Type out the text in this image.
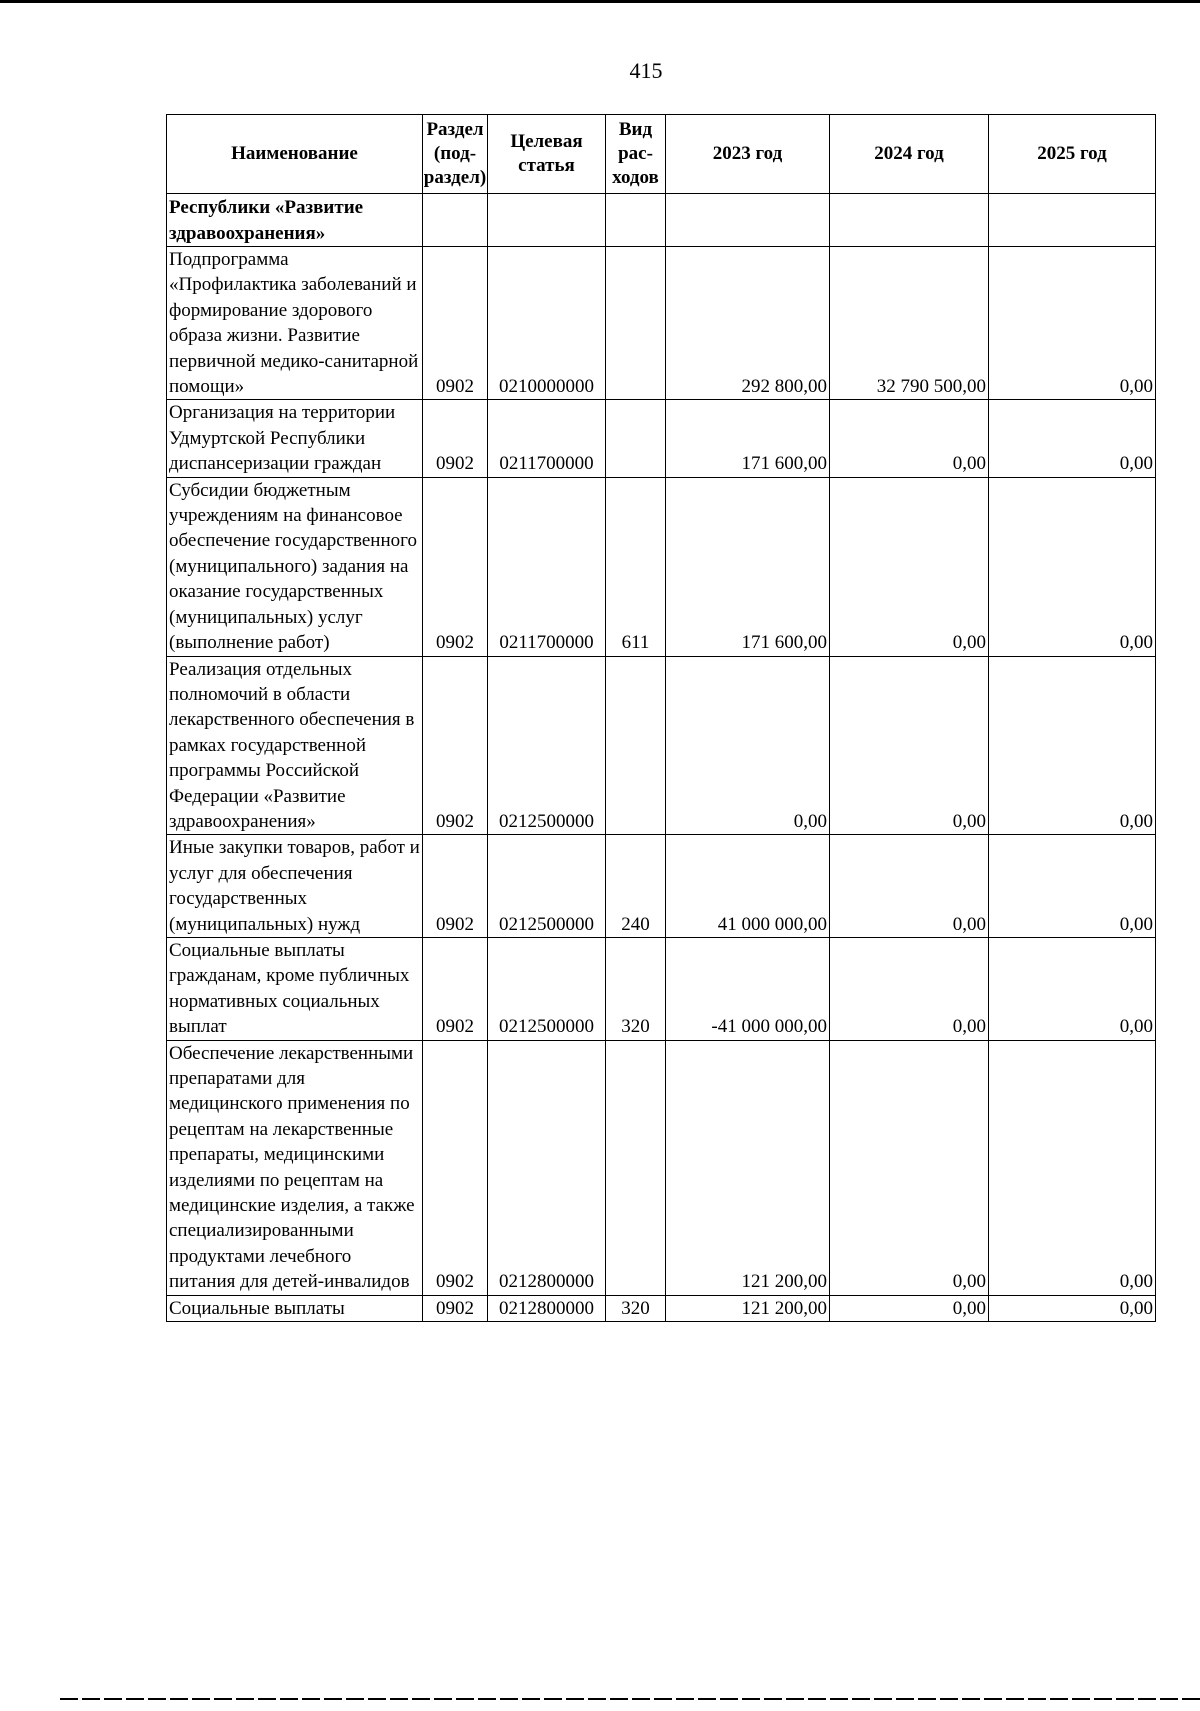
415
Наименование	Раздел (под-раздел)	Целевая статья	Вид рас-ходов	2023 год	2024 год	2025 год
Республики «Развитие здравоохранения»						
Подпрограмма «Профилактика заболеваний и формирование здорового образа жизни. Развитие первичной медико-санитарной помощи»	0902	0210000000		292 800,00	32 790 500,00	0,00
Организация на территории Удмуртской Республики диспансеризации граждан	0902	0211700000		171 600,00	0,00	0,00
Субсидии бюджетным учреждениям на финансовое обеспечение государственного (муниципального) задания на оказание государственных (муниципальных) услуг (выполнение работ)	0902	0211700000	611	171 600,00	0,00	0,00
Реализация отдельных полномочий в области лекарственного обеспечения в рамках государственной программы Российской Федерации «Развитие здравоохранения»	0902	0212500000		0,00	0,00	0,00
Иные закупки товаров, работ и услуг для обеспечения государственных (муниципальных) нужд	0902	0212500000	240	41 000 000,00	0,00	0,00
Социальные выплаты гражданам, кроме публичных нормативных социальных выплат	0902	0212500000	320	-41 000 000,00	0,00	0,00
Обеспечение лекарственными препаратами для медицинского применения по рецептам на лекарственные препараты, медицинскими изделиями по рецептам на медицинские изделия, а также специализированными продуктами лечебного питания для детей-инвалидов	0902	0212800000		121 200,00	0,00	0,00
Социальные выплаты	0902	0212800000	320	121 200,00	0,00	0,00
